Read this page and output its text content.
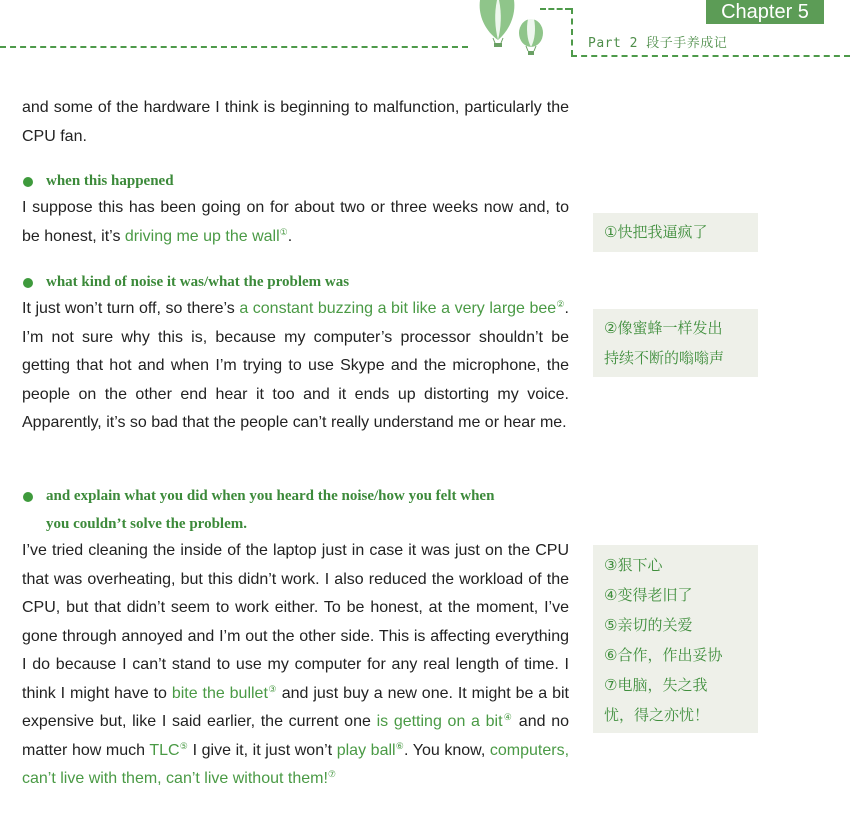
Chapter 5
Part 2 段子手养成记

and some of the hardware I think is beginning to malfunction, particularly the CPU fan.

when this happened

I suppose this has been going on for about two or three weeks now and, to be honest, it’s driving me up the wall①.

what kind of noise it was/what the problem was

It just won’t turn off, so there’s a constant buzzing a bit like a very large bee②. I’m not sure why this is, because my computer’s processor shouldn’t be getting that hot and when I’m trying to use Skype and the microphone, the people on the other end hear it too and it ends up distorting my voice. Apparently, it’s so bad that the people can’t really understand me or hear me.

and explain what you did when you heard the noise/how you felt when
you couldn’t solve the problem.

I’ve tried cleaning the inside of the laptop just in case it was just on the CPU that was overheating, but this didn’t work. I also reduced the workload of the CPU, but that didn’t seem to work either. To be honest, at the moment, I’ve gone through annoyed and I’m out the other side. This is affecting everything I do because I can’t stand to use my computer for any real length of time. I think I might have to bite the bullet③ and just buy a new one. It might be a bit expensive but, like I said earlier, the current one is getting on a bit④ and no matter how much TLC⑤ I give it, it just won’t play ball⑥. You know, computers, can’t live with them, can’t live without them!⑦

①快把我逼疯了
②像蜜蜂一样发出
持续不断的嗡嗡声
③狠下心
④变得老旧了
⑤亲切的关爱
⑥合作，作出妥协
⑦电脑，失之我
忧，得之亦忧！
